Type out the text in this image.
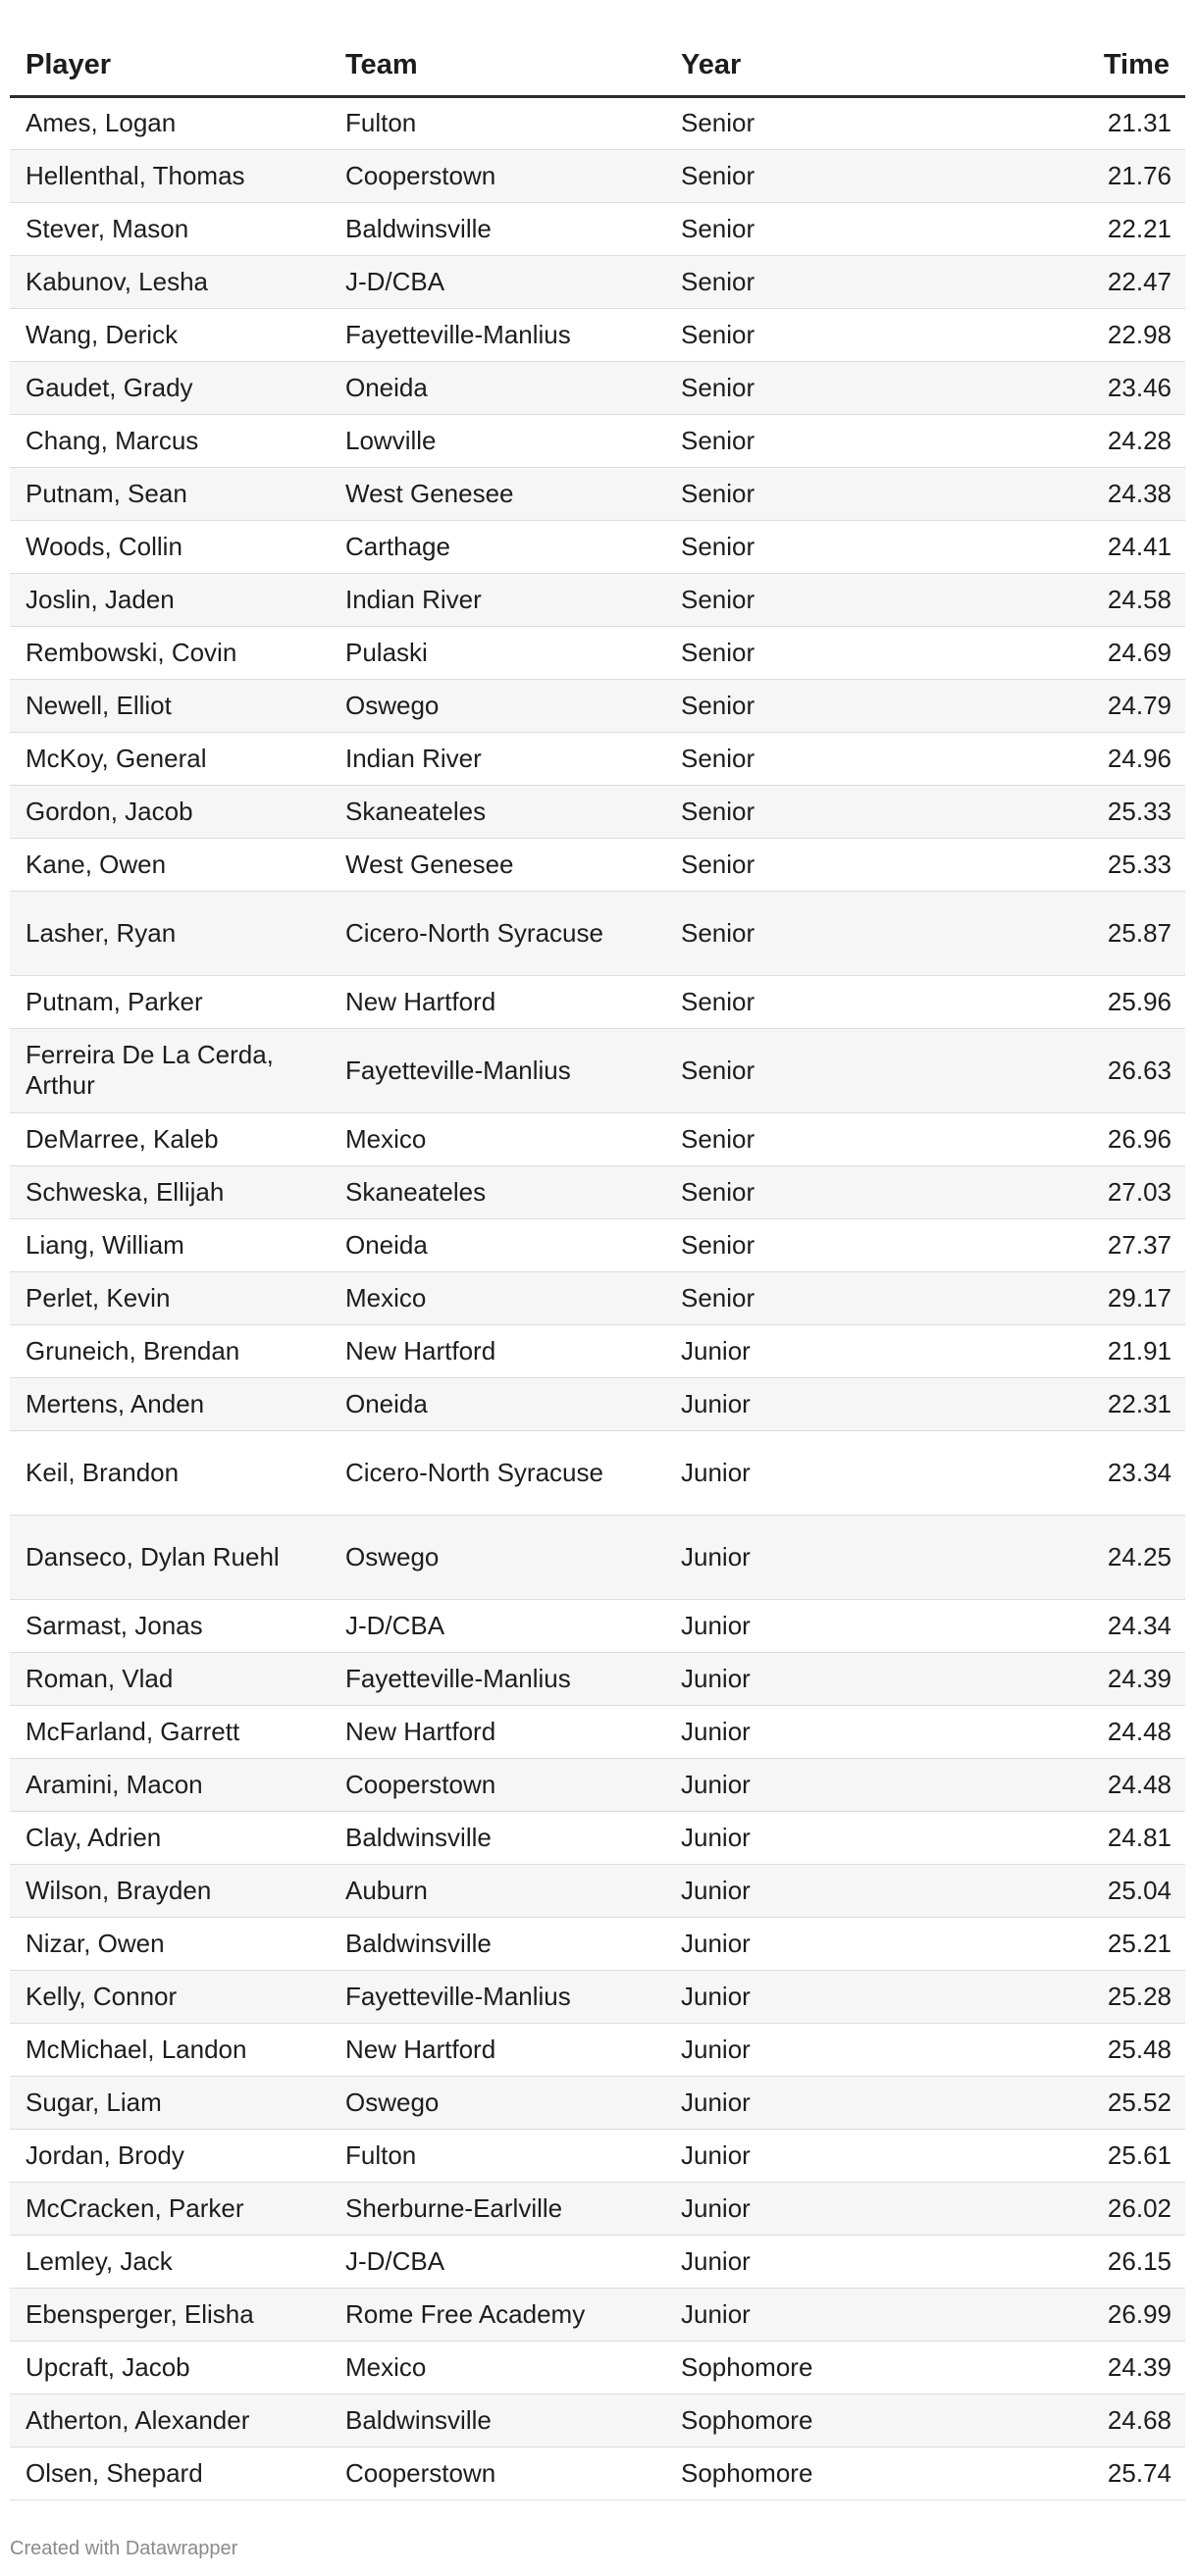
Player	Team	Year	Time
Ames, Logan	Fulton	Senior	21.31
Hellenthal, Thomas	Cooperstown	Senior	21.76
Stever, Mason	Baldwinsville	Senior	22.21
Kabunov, Lesha	J-D/CBA	Senior	22.47
Wang, Derick	Fayetteville-Manlius	Senior	22.98
Gaudet, Grady	Oneida	Senior	23.46
Chang, Marcus	Lowville	Senior	24.28
Putnam, Sean	West Genesee	Senior	24.38
Woods, Collin	Carthage	Senior	24.41
Joslin, Jaden	Indian River	Senior	24.58
Rembowski, Covin	Pulaski	Senior	24.69
Newell, Elliot	Oswego	Senior	24.79
McKoy, General	Indian River	Senior	24.96
Gordon, Jacob	Skaneateles	Senior	25.33
Kane, Owen	West Genesee	Senior	25.33
Lasher, Ryan	Cicero-North Syracuse	Senior	25.87
Putnam, Parker	New Hartford	Senior	25.96
Ferreira De La Cerda, Arthur	Fayetteville-Manlius	Senior	26.63
DeMarree, Kaleb	Mexico	Senior	26.96
Schweska, Ellijah	Skaneateles	Senior	27.03
Liang, William	Oneida	Senior	27.37
Perlet, Kevin	Mexico	Senior	29.17
Gruneich, Brendan	New Hartford	Junior	21.91
Mertens, Anden	Oneida	Junior	22.31
Keil, Brandon	Cicero-North Syracuse	Junior	23.34
Danseco, Dylan Ruehl	Oswego	Junior	24.25
Sarmast, Jonas	J-D/CBA	Junior	24.34
Roman, Vlad	Fayetteville-Manlius	Junior	24.39
McFarland, Garrett	New Hartford	Junior	24.48
Aramini, Macon	Cooperstown	Junior	24.48
Clay, Adrien	Baldwinsville	Junior	24.81
Wilson, Brayden	Auburn	Junior	25.04
Nizar, Owen	Baldwinsville	Junior	25.21
Kelly, Connor	Fayetteville-Manlius	Junior	25.28
McMichael, Landon	New Hartford	Junior	25.48
Sugar, Liam	Oswego	Junior	25.52
Jordan, Brody	Fulton	Junior	25.61
McCracken, Parker	Sherburne-Earlville	Junior	26.02
Lemley, Jack	J-D/CBA	Junior	26.15
Ebensperger, Elisha	Rome Free Academy	Junior	26.99
Upcraft, Jacob	Mexico	Sophomore	24.39
Atherton, Alexander	Baldwinsville	Sophomore	24.68
Olsen, Shepard	Cooperstown	Sophomore	25.74
Created with Datawrapper
